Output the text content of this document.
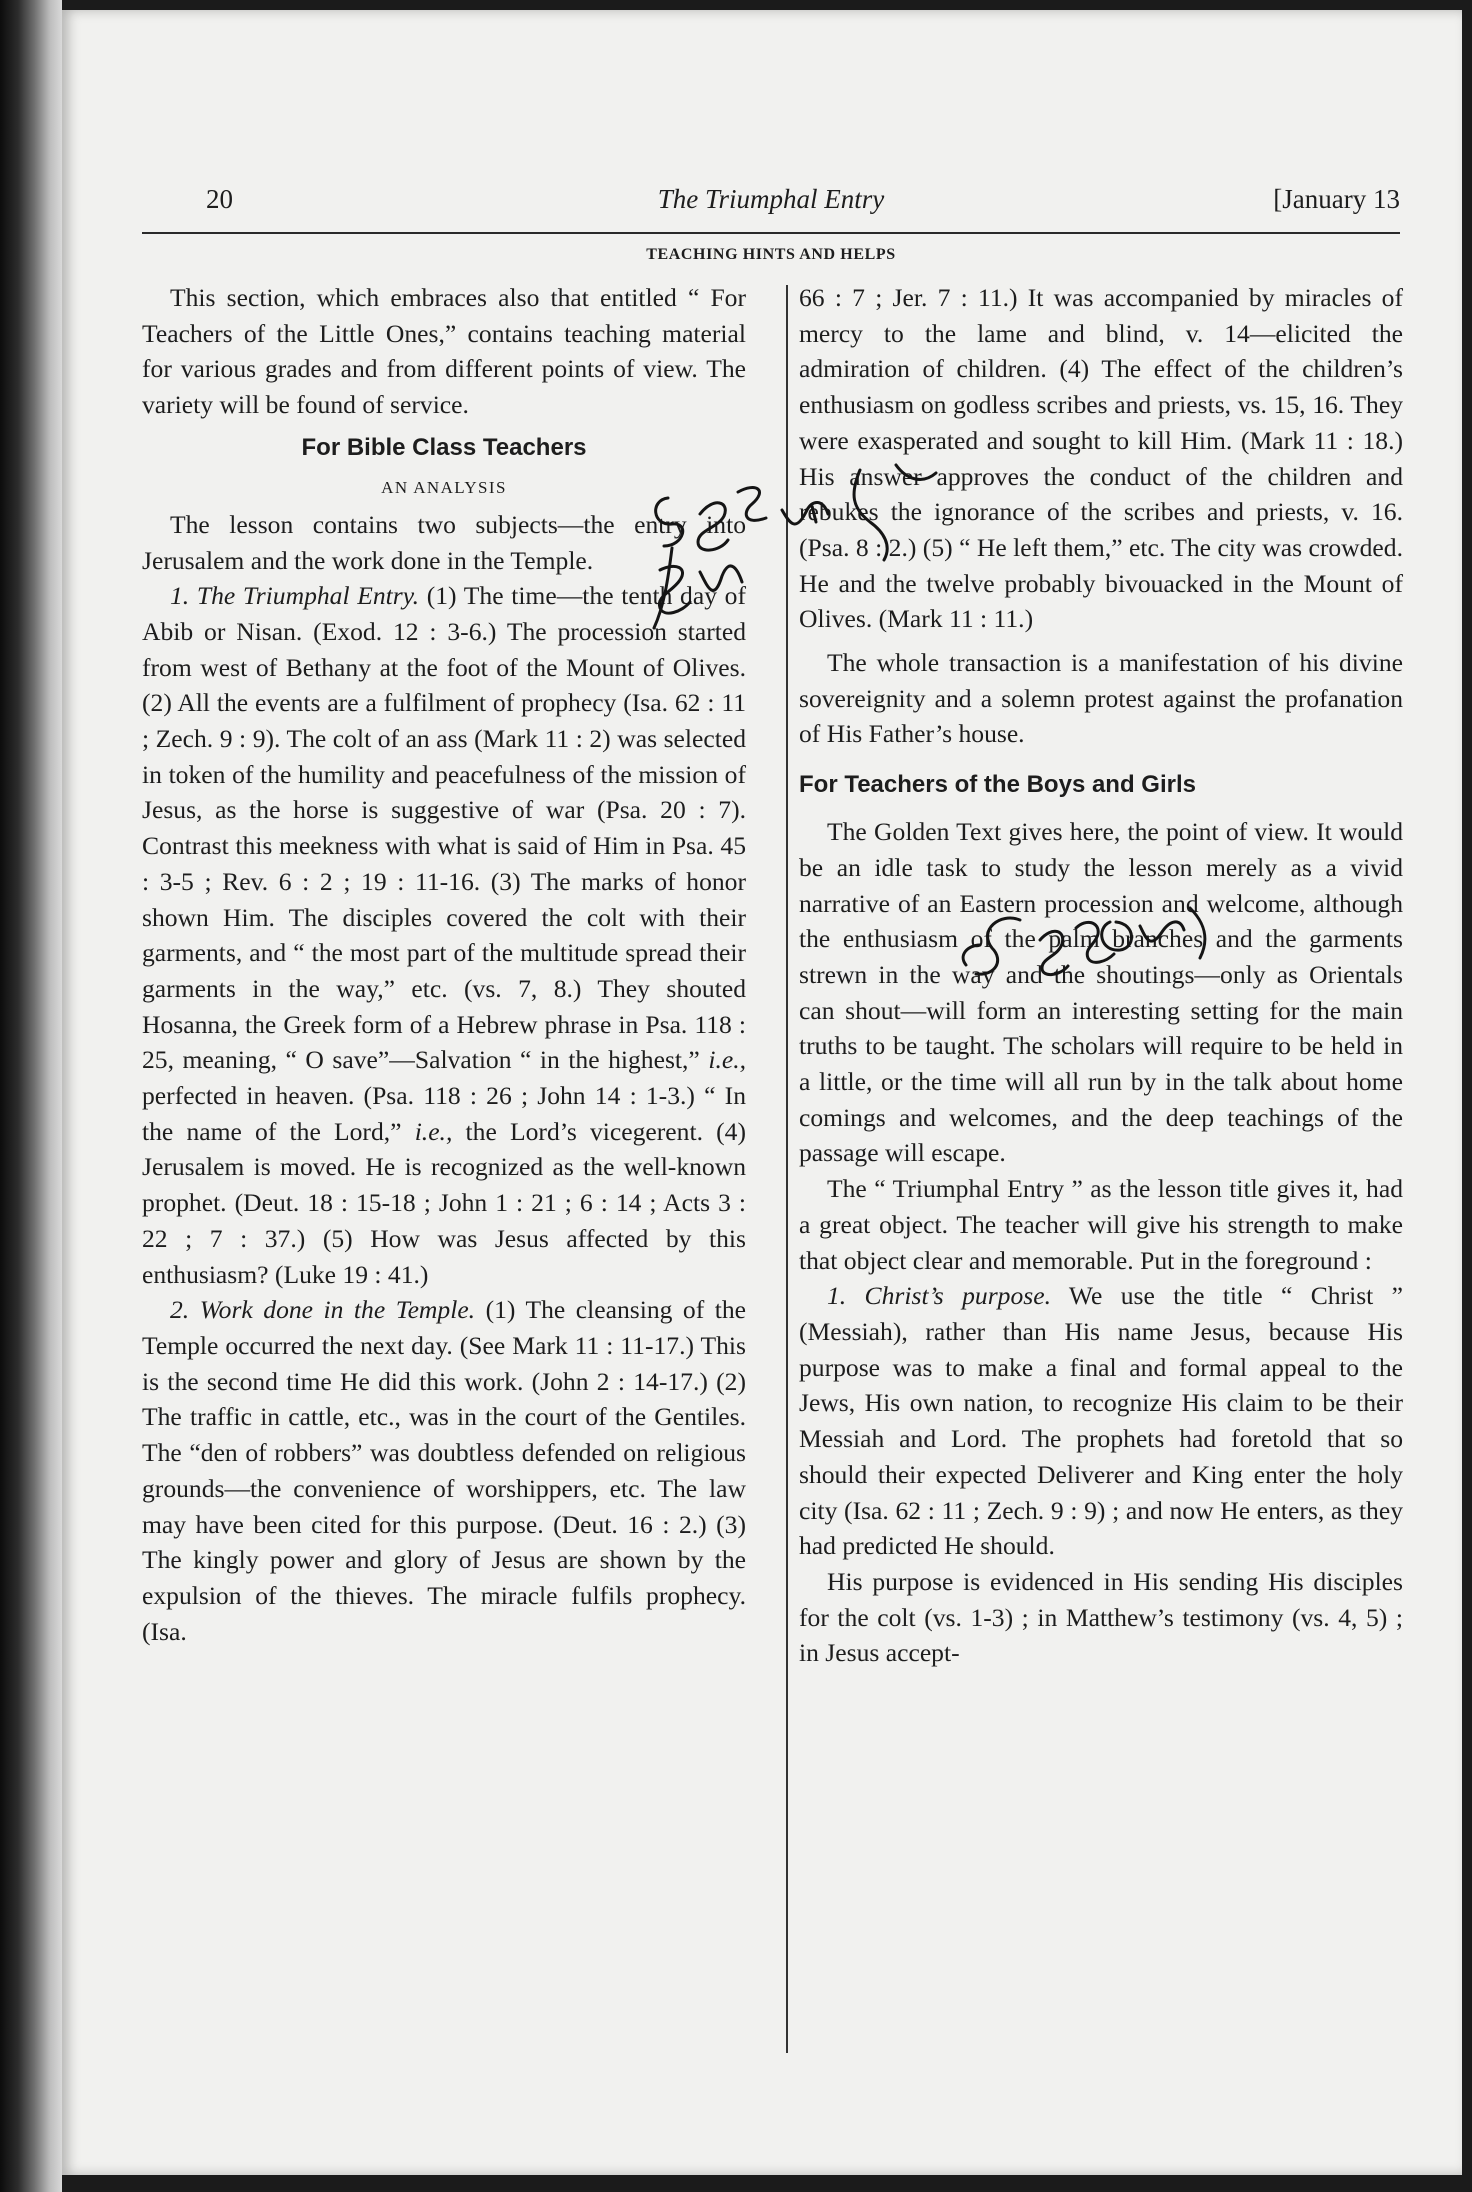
20	The Triumphal Entry	[January 13
TEACHING HINTS AND HELPS

This section, which embraces also that entitled “ For Teachers of the Little Ones,” contains teaching material for various grades and from different points of view. The variety will be found of service.

For Bible Class Teachers
AN ANALYSIS

The lesson contains two subjects—the entry into Jerusalem and the work done in the Temple.

1. The Triumphal Entry. (1) The time—the tenth day of Abib or Nisan. (Exod. 12 : 3-6.) The procession started from west of Bethany at the foot of the Mount of Olives. (2) All the events are a fulfilment of prophecy (Isa. 62 : 11 ; Zech. 9 : 9). The colt of an ass (Mark 11 : 2) was selected in token of the humility and peacefulness of the mission of Jesus, as the horse is suggestive of war (Psa. 20 : 7). Contrast this meekness with what is said of Him in Psa. 45 : 3-5 ; Rev. 6 : 2 ; 19 : 11-16. (3) The marks of honor shown Him. The disciples covered the colt with their garments, and “ the most part of the multitude spread their garments in the way,” etc. (vs. 7, 8.) They shouted Hosanna, the Greek form of a Hebrew phrase in Psa. 118 : 25, meaning, “ O save”—Salvation “ in the highest,” i.e., perfected in heaven. (Psa. 118 : 26 ; John 14 : 1-3.) “ In the name of the Lord,” i.e., the Lord’s vicegerent. (4) Jerusalem is moved. He is recognized as the well-known prophet. (Deut. 18 : 15-18 ; John 1 : 21 ; 6 : 14 ; Acts 3 : 22 ; 7 : 37.) (5) How was Jesus affected by this enthusiasm? (Luke 19 : 41.)

2. Work done in the Temple. (1) The cleansing of the Temple occurred the next day. (See Mark 11 : 11-17.) This is the second time He did this work. (John 2 : 14-17.) (2) The traffic in cattle, etc., was in the court of the Gentiles. The “den of robbers” was doubtless defended on religious grounds—the convenience of worshippers, etc. The law may have been cited for this purpose. (Deut. 16 : 2.) (3) The kingly power and glory of Jesus are shown by the expulsion of the thieves. The miracle fulfils prophecy. (Isa.

66 : 7 ; Jer. 7 : 11.) It was accompanied by miracles of mercy to the lame and blind, v. 14—elicited the admiration of children. (4) The effect of the children’s enthusiasm on godless scribes and priests, vs. 15, 16. They were exasperated and sought to kill Him. (Mark 11 : 18.) His answer approves the conduct of the children and rebukes the ignorance of the scribes and priests, v. 16. (Psa. 8 : 2.) (5) “ He left them,” etc. The city was crowded. He and the twelve probably bivouacked in the Mount of Olives. (Mark 11 : 11.)

The whole transaction is a manifestation of his divine sovereignity and a solemn protest against the profanation of His Father’s house.

For Teachers of the Boys and Girls

The Golden Text gives here, the point of view. It would be an idle task to study the lesson merely as a vivid narrative of an Eastern procession and welcome, although the enthusiasm of the palm branches and the garments strewn in the way and the shoutings—only as Orientals can shout—will form an interesting setting for the main truths to be taught. The scholars will require to be held in a little, or the time will all run by in the talk about home comings and welcomes, and the deep teachings of the passage will escape.

The “ Triumphal Entry ” as the lesson title gives it, had a great object. The teacher will give his strength to make that object clear and memorable. Put in the foreground :

1. Christ’s purpose. We use the title “ Christ ” (Messiah), rather than His name Jesus, because His purpose was to make a final and formal appeal to the Jews, His own nation, to recognize His claim to be their Messiah and Lord. The prophets had foretold that so should their expected Deliverer and King enter the holy city (Isa. 62 : 11 ; Zech. 9 : 9) ; and now He enters, as they had predicted He should.

His purpose is evidenced in His sending His disciples for the colt (vs. 1-3) ; in Matthew’s testimony (vs. 4, 5) ; in Jesus accept-
